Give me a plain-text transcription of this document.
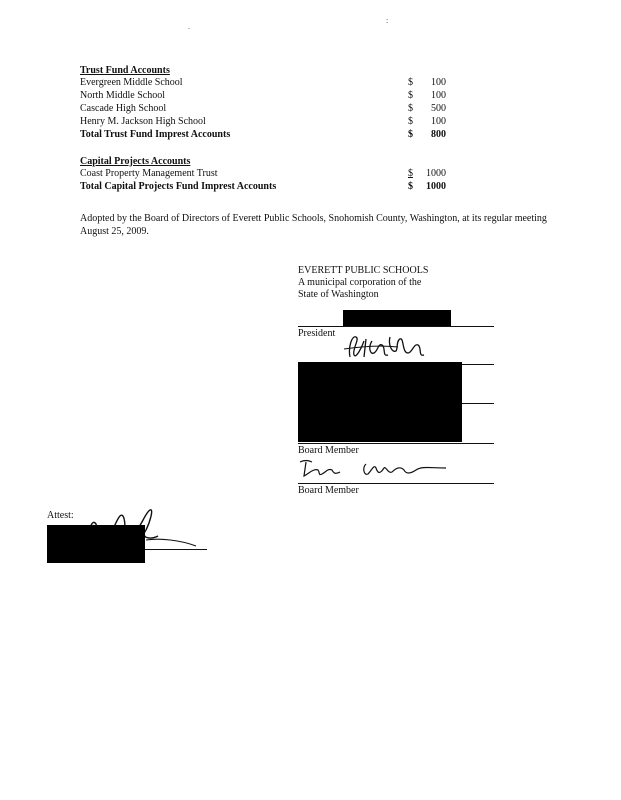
.
:
Trust Fund Accounts
Evergreen Middle School	$	100
North Middle School	$	100
Cascade High School	$	500
Henry M. Jackson High School	$	100
Total Trust Fund Imprest Accounts	$	800
Capital Projects Accounts
Coast Property Management Trust	$	1000
Total Capital Projects Fund Imprest Accounts	$	1000
Adopted by the Board of Directors of Everett Public Schools, Snohomish County, Washington, at its regular meeting August 25, 2009.
EVERETT PUBLIC SCHOOLS
A municipal corporation of the
State of Washington
President
Board Member
Board Member
Attest:
